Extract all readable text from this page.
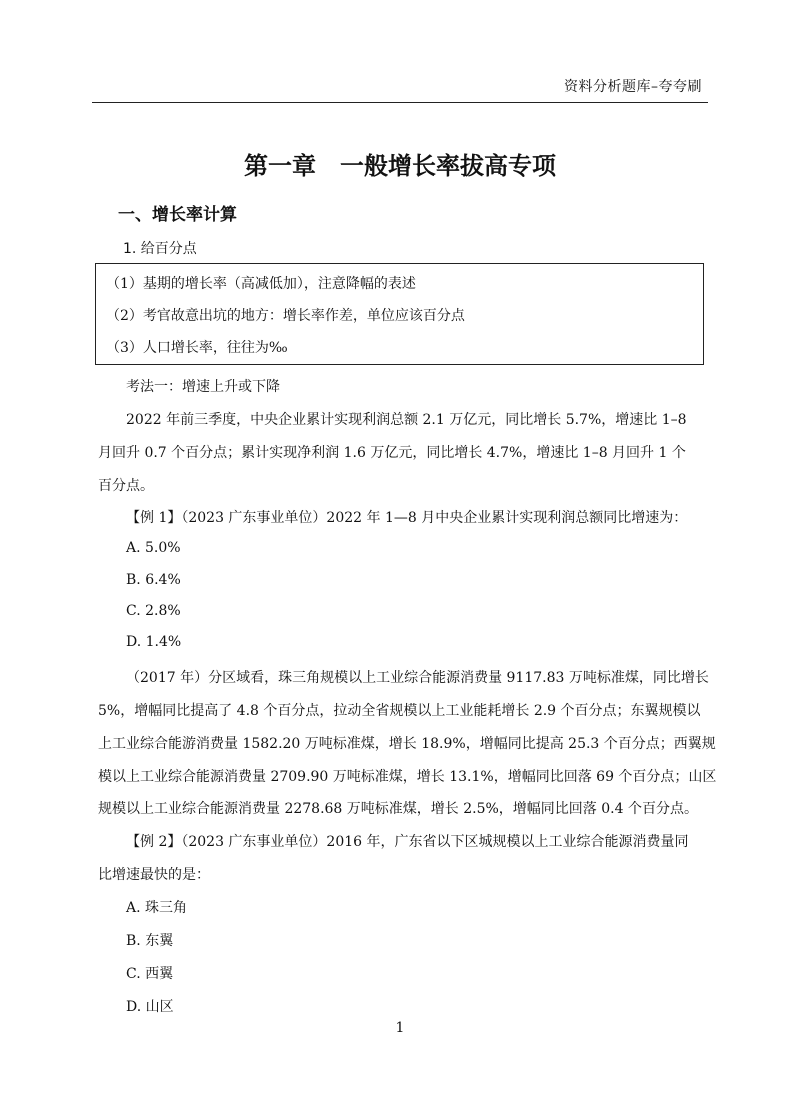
资料分析题库–夸夸刷
第一章　一般增长率拔高专项
一、增长率计算
1. 给百分点
（1）基期的增长率（高减低加），注意降幅的表述
（2）考官故意出坑的地方：增长率作差，单位应该百分点
（3）人口增长率，往往为‰
考法一：增速上升或下降
2022 年前三季度，中央企业累计实现利润总额 2.1 万亿元，同比增长 5.7%，增速比 1–8
月回升 0.7 个百分点；累计实现净利润 1.6 万亿元，同比增长 4.7%，增速比 1–8 月回升 1 个
百分点。
【例 1】（2023 广东事业单位）2022 年 1—8 月中央企业累计实现利润总额同比增速为：
A. 5.0%
B. 6.4%
C. 2.8%
D. 1.4%
（2017 年）分区域看，珠三角规模以上工业综合能源消费量 9117.83 万吨标准煤，同比增长
5%，增幅同比提高了 4.8 个百分点，拉动全省规模以上工业能耗增长 2.9 个百分点；东翼规模以
上工业综合能游消费量 1582.20 万吨标准煤，增长 18.9%，增幅同比提高 25.3 个百分点；西翼规
模以上工业综合能源消费量 2709.90 万吨标准煤，增长 13.1%，增幅同比回落 69 个百分点；山区
规模以上工业综合能源消费量 2278.68 万吨标准煤，增长 2.5%，增幅同比回落 0.4 个百分点。
【例 2】（2023 广东事业单位）2016 年，广东省以下区城规模以上工业综合能源消费量同
比增速最快的是：
A. 珠三角
B. 东翼
C. 西翼
D. 山区
1
